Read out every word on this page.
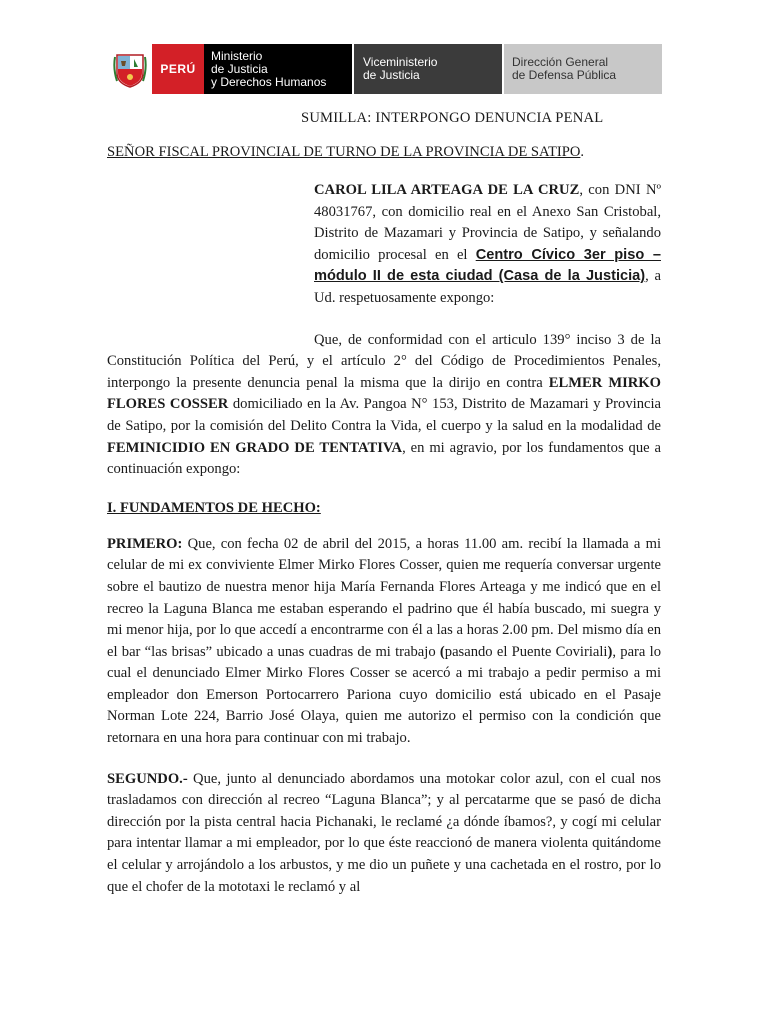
PERÚ
Ministerio
de Justicia
y Derechos Humanos
Viceministerio
de Justicia
Dirección General
de Defensa Pública
SUMILLA: INTERPONGO DENUNCIA PENAL
SEÑOR FISCAL PROVINCIAL DE TURNO DE LA PROVINCIA DE SATIPO.
CAROL LILA ARTEAGA DE LA CRUZ, con DNI Nº 48031767, con domicilio real en el Anexo San Cristobal, Distrito de Mazamari y Provincia de Satipo, y señalando domicilio procesal en el Centro Cívico 3er piso – módulo II de esta ciudad (Casa de la Justicia), a Ud. respetuosamente expongo:
Que, de conformidad con el articulo 139° inciso 3 de la Constitución Política del Perú, y el artículo 2° del Código de Procedimientos Penales, interpongo la presente denuncia penal la misma que la dirijo en contra ELMER MIRKO FLORES COSSER domiciliado en la Av. Pangoa N° 153, Distrito de Mazamari y Provincia de Satipo, por la comisión del Delito Contra la Vida, el cuerpo y la salud en la modalidad de FEMINICIDIO EN GRADO DE TENTATIVA, en mi agravio, por los fundamentos que a continuación expongo:
I. FUNDAMENTOS DE HECHO:
PRIMERO: Que, con fecha 02 de abril del 2015, a horas 11.00 am. recibí la llamada a mi celular de mi ex conviviente Elmer Mirko Flores Cosser, quien me requería conversar urgente sobre el bautizo de nuestra menor hija María Fernanda Flores Arteaga y me indicó que en el recreo la Laguna Blanca me estaban esperando el padrino que él había buscado, mi suegra y mi menor hija, por lo que accedí a encontrarme con él a las a horas 2.00 pm. Del mismo día en el bar “las brisas” ubicado a unas cuadras de mi trabajo (pasando el Puente Coviriali), para lo cual el denunciado Elmer Mirko Flores Cosser se acercó a mi trabajo a pedir permiso a mi empleador don Emerson Portocarrero Pariona cuyo domicilio está ubicado en el Pasaje Norman Lote 224, Barrio José Olaya, quien me autorizo el permiso con la condición que retornara en una hora para continuar con mi trabajo.
SEGUNDO.- Que, junto al denunciado abordamos una motokar color azul, con el cual nos trasladamos con dirección al recreo “Laguna Blanca”; y al percatarme que se pasó de dicha dirección por la pista central hacia Pichanaki, le reclamé ¿a dónde íbamos?, y cogí mi celular para intentar llamar a mi empleador, por lo que éste reaccionó de manera violenta quitándome el celular y arrojándolo a los arbustos, y me dio un puñete y una cachetada en el rostro, por lo que el chofer de la mototaxi le reclamó y al
